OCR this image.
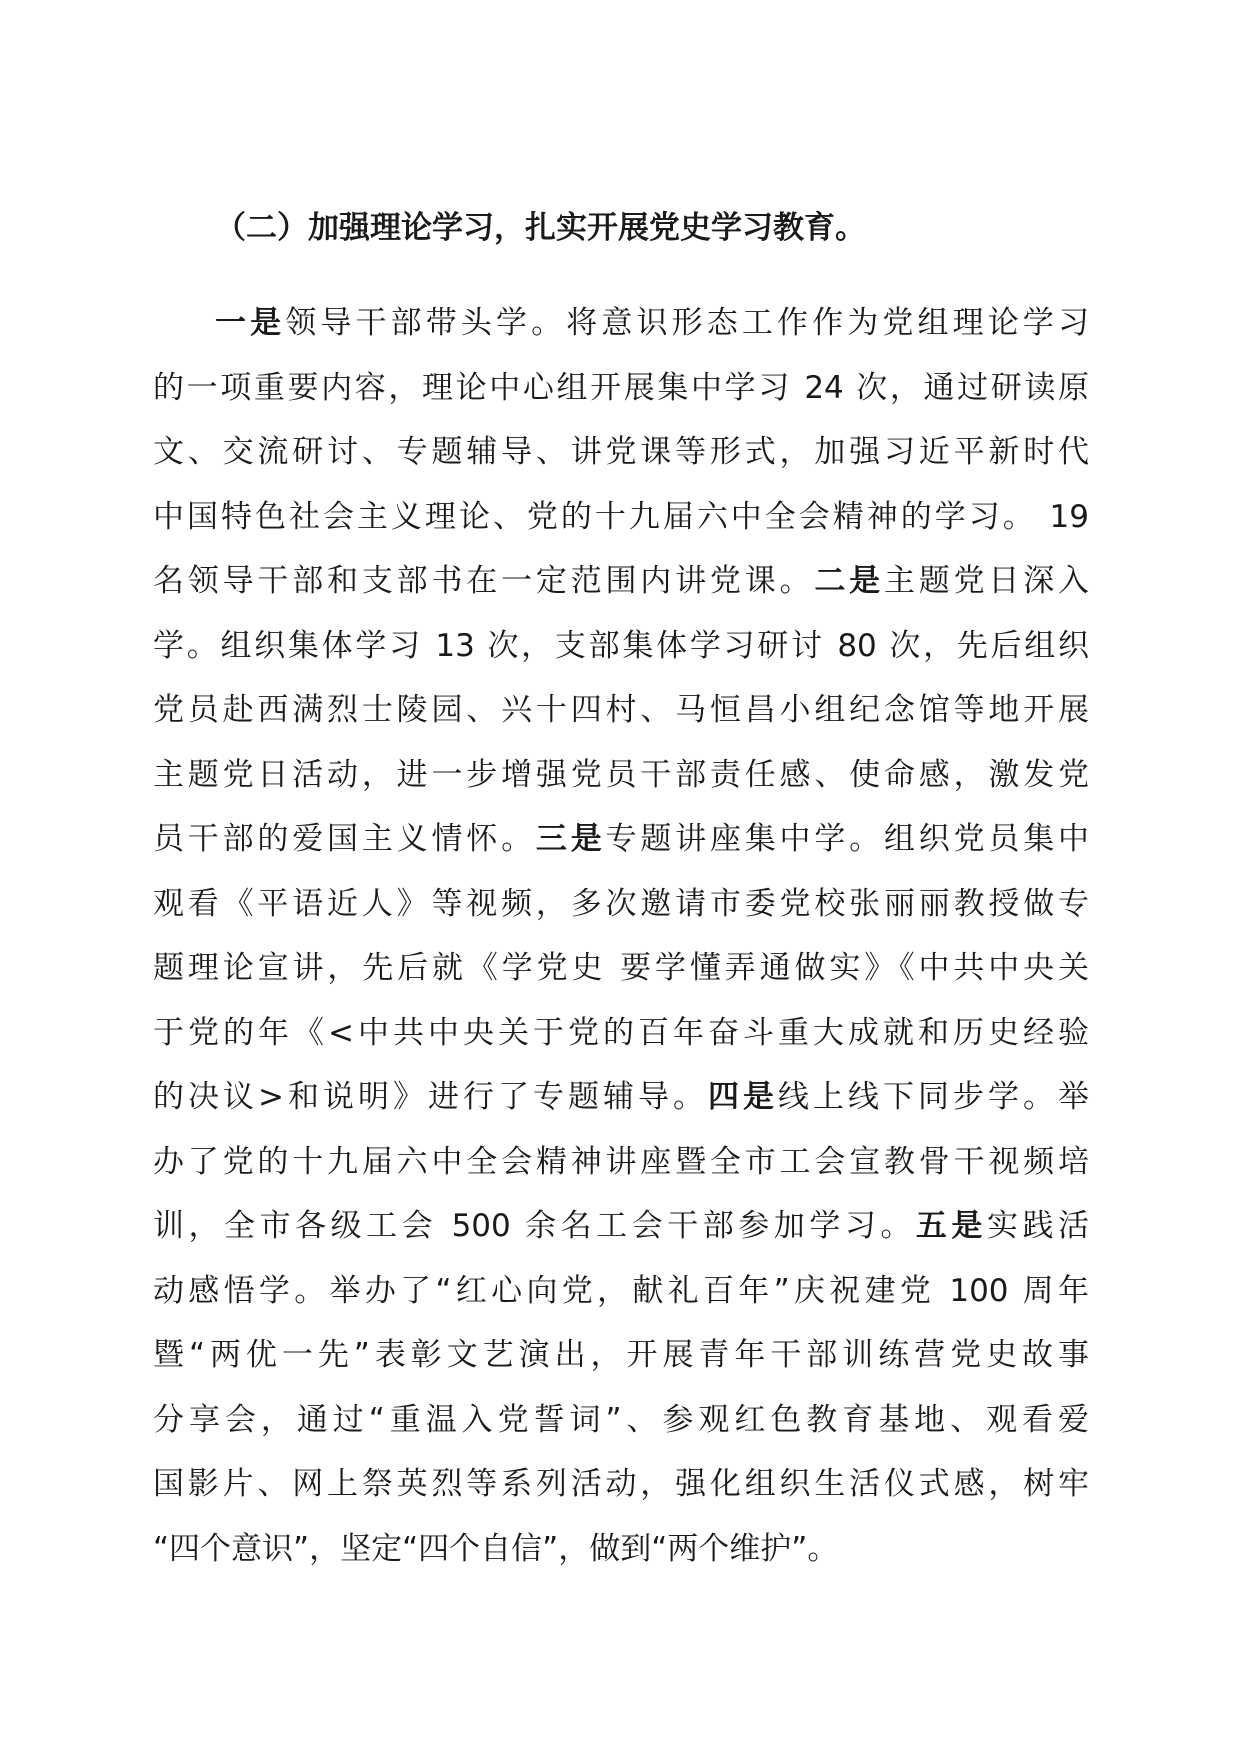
（二）加强理论学习，扎实开展党史学习教育。
一是领导干部带头学。将意识形态工作作为党组理论学习
的一项重要内容，理论中心组开展集中学习 24 次，通过研读原
文、交流研讨、专题辅导、讲党课等形式，加强习近平新时代
中国特色社会主义理论、党的十九届六中全会精神的学习。 19
名领导干部和支部书在一定范围内讲党课。二是主题党日深入
学。组织集体学习 13 次，支部集体学习研讨 80 次，先后组织
党员赴西满烈士陵园、兴十四村、马恒昌小组纪念馆等地开展
主题党日活动，进一步增强党员干部责任感、使命感，激发党
员干部的爱国主义情怀。三是专题讲座集中学。组织党员集中
观看《平语近人》等视频，多次邀请市委党校张丽丽教授做专
题理论宣讲，先后就《学党史 要学懂弄通做实》《中共中央关
于党的年《<中共中央关于党的百年奋斗重大成就和历史经验
的决议>和说明》进行了专题辅导。四是线上线下同步学。举
办了党的十九届六中全会精神讲座暨全市工会宣教骨干视频培
训，全市各级工会 500 余名工会干部参加学习。五是实践活
动感悟学。举办了“红心向党，献礼百年”庆祝建党 100 周年
暨“两优一先”表彰文艺演出，开展青年干部训练营党史故事
分享会，通过“重温入党誓词”、参观红色教育基地、观看爱
国影片、网上祭英烈等系列活动，强化组织生活仪式感，树牢
“四个意识”，坚定“四个自信”，做到“两个维护”。
